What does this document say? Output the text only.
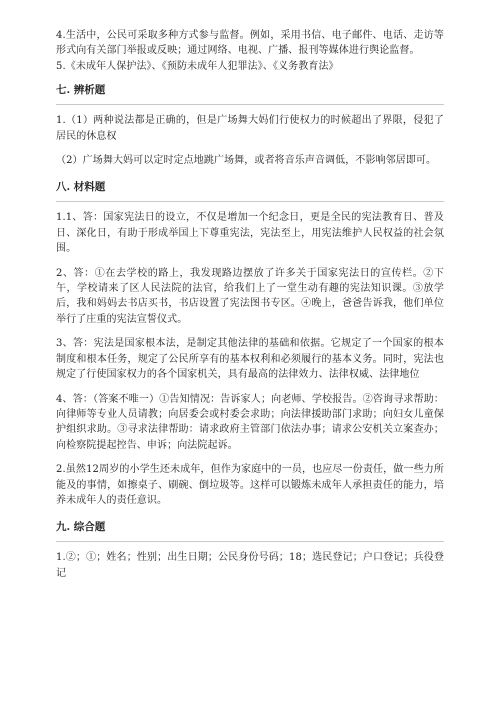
4.生活中，公民可采取多种方式参与监督。例如，采用书信、电子邮件、电话、走访等形式向有关部门举报或反映；通过网络、电视、广播、报刊等媒体进行舆论监督。

5.《未成年人保护法》、《预防未成年人犯罪法》、《义务教育法》

七. 辨析题

1.（1）两种说法都是正确的，但是广场舞大妈们行使权力的时候超出了界限，侵犯了居民的休息权

（2）广场舞大妈可以定时定点地跳广场舞，或者将音乐声音调低，不影响邻居即可。

八. 材料题

1.1、答：国家宪法日的设立，不仅是增加一个纪念日，更是全民的宪法教育日、普及日、深化日，有助于形成举国上下尊重宪法，宪法至上，用宪法维护人民权益的社会氛围。

2、答：①在去学校的路上，我发现路边摆放了许多关于国家宪法日的宣传栏。②下午，学校请来了区人民法院的法官，给我们上了一堂生动有趣的宪法知识课。③放学后，我和妈妈去书店买书，书店设置了宪法图书专区。④晚上，爸爸告诉我，他们单位举行了庄重的宪法宣誓仪式。

3、答：宪法是国家根本法，是制定其他法律的基础和依据。它规定了一个国家的根本制度和根本任务，规定了公民所享有的基本权利和必须履行的基本义务。同时，宪法也规定了行使国家权力的各个国家机关，具有最高的法律效力、法律权威、法律地位

4、答：（答案不唯一）①告知情况：告诉家人；向老师、学校报告。②咨询寻求帮助：向律师等专业人员请教；向居委会或村委会求助；向法律援助部门求助；向妇女儿童保护组织求助。③寻求法律帮助：请求政府主管部门依法办事；请求公安机关立案查办；向检察院提起控告、申诉；向法院起诉。

2.虽然12周岁的小学生还未成年，但作为家庭中的一员，也应尽一份责任，做一些力所能及的事情，如擦桌子、刷碗、倒垃圾等。这样可以锻炼未成年人承担责任的能力，培养未成年人的责任意识。

九. 综合题

1.②；①；姓名；性别；出生日期；公民身份号码；18；选民登记；户口登记；兵役登记
